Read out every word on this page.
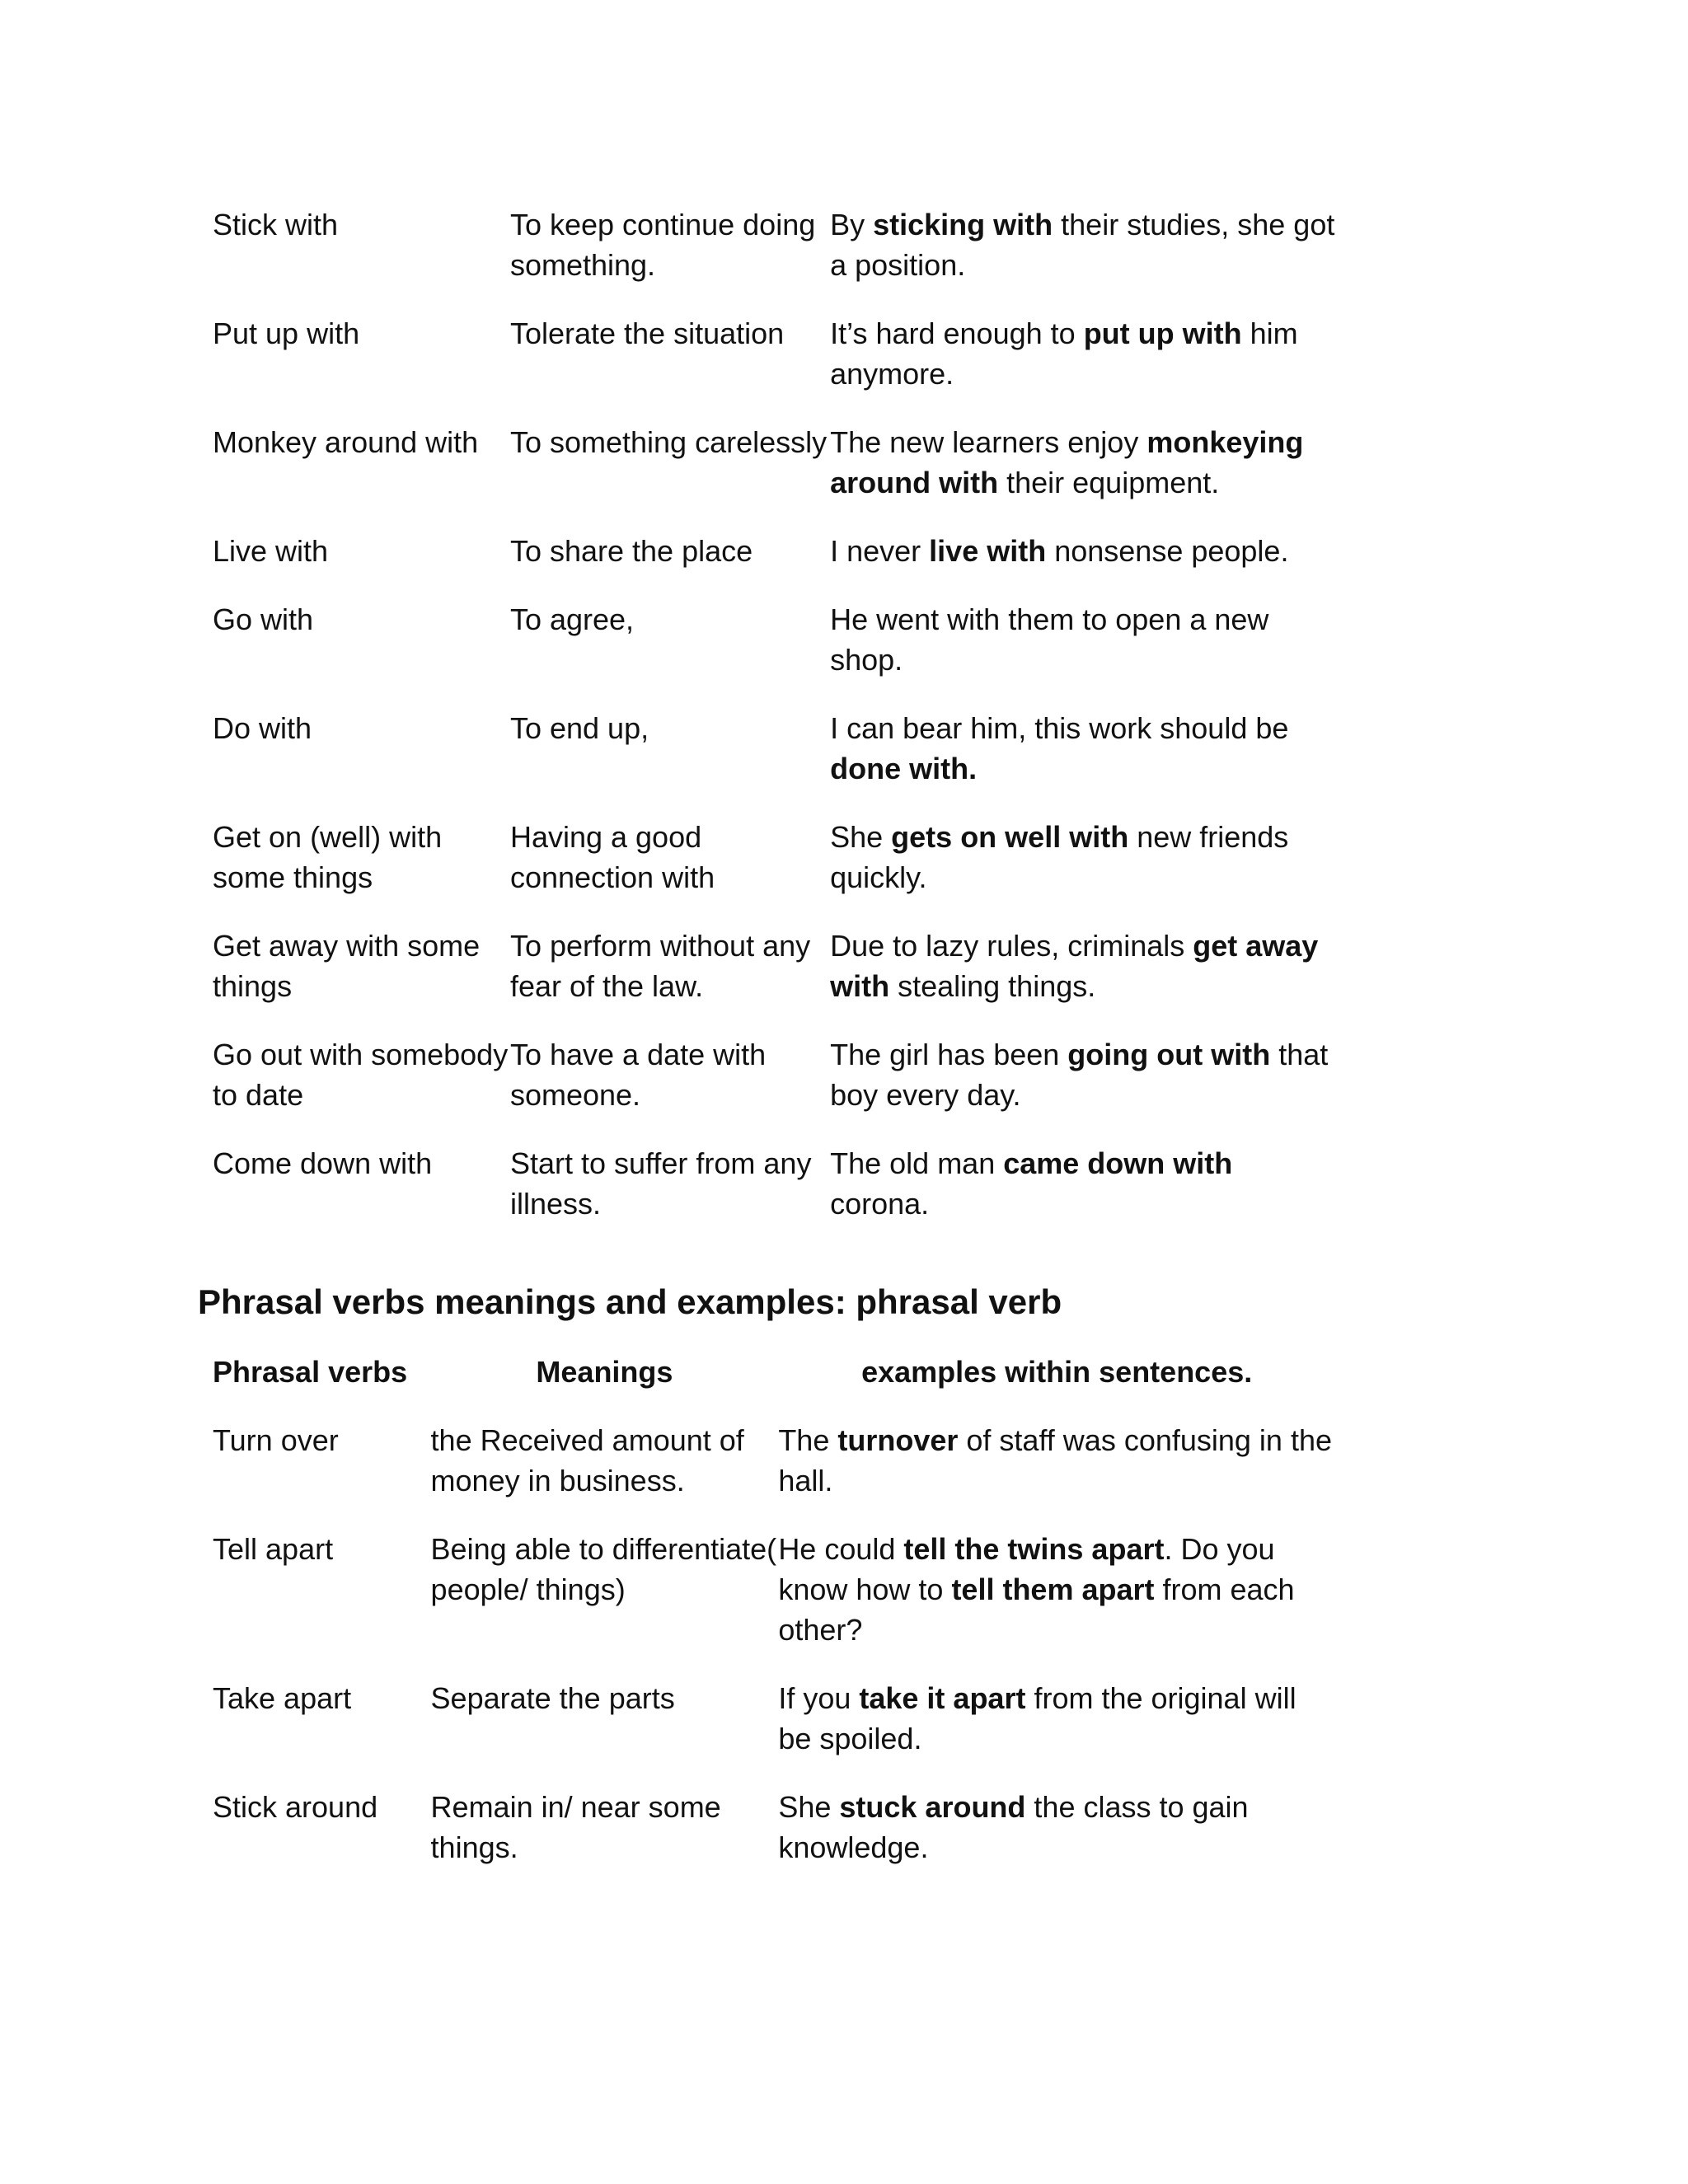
Stick with	To keep continue doing something.	By sticking with their studies, she got a position.
Put up with	Tolerate the situation	It’s hard enough to put up with him anymore.
Monkey around with	To something carelessly	The new learners enjoy monkeying around with their equipment.
Live with	To share the place	I never live with nonsense people.
Go with	To agree,	He went with them to open a new shop.
Do with	To end up,	I can bear him, this work should be done with.
Get on (well) with some things	Having a good connection with	She gets on well with new friends quickly.
Get away with some things	To perform without any fear of the law.	Due to lazy rules, criminals get away with stealing things.
Go out with somebody to date	To have a date with someone.	The girl has been going out with that boy every day.
Come down with	Start to suffer from any illness.	The old man came down with corona.
Phrasal verbs meanings and examples: phrasal verb
Phrasal verbs	Meanings	examples within sentences.
Turn over	the Received amount of money in business.	The turnover of staff was confusing in the hall.
Tell apart	Being able to differentiate( people/ things)	He could tell the twins apart. Do you know how to tell them apart from each other?
Take apart	Separate the parts	If you take it apart from the original will be spoiled.
Stick around	Remain in/ near some things.	She stuck around the class to gain knowledge.
